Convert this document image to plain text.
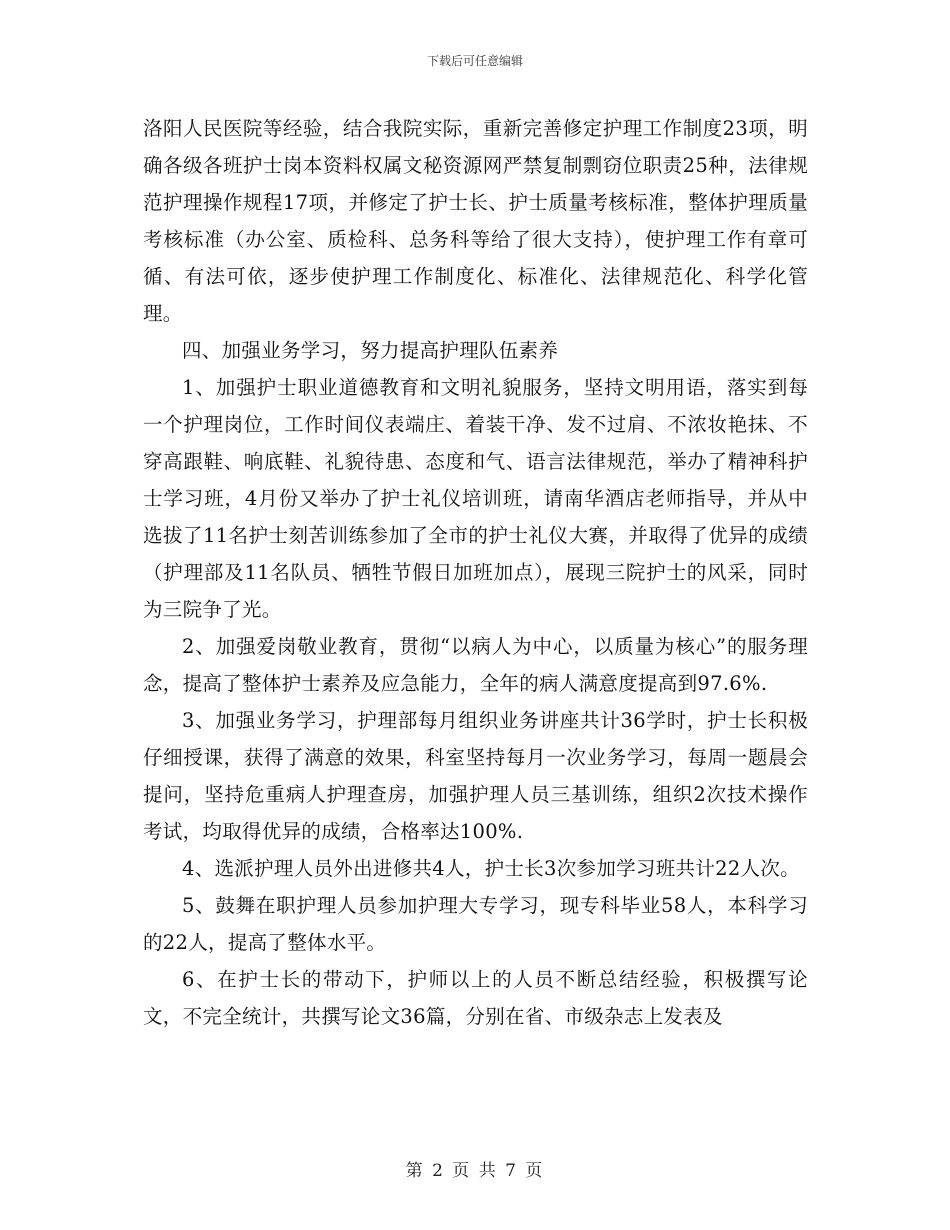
下载后可任意编辑

洛阳人民医院等经验，结合我院实际，重新完善修定护理工作制度23项，明确各级各班护士岗本资料权属文秘资源网严禁复制剽窃位职责25种，法律规范护理操作规程17项，并修定了护士长、护士质量考核标准，整体护理质量考核标准（办公室、质检科、总务科等给了很大支持），使护理工作有章可循、有法可依，逐步使护理工作制度化、标准化、法律规范化、科学化管理。

四、加强业务学习，努力提高护理队伍素养

1、加强护士职业道德教育和文明礼貌服务，坚持文明用语，落实到每一个护理岗位，工作时间仪表端庄、着装干净、发不过肩、不浓妆艳抹、不穿高跟鞋、响底鞋、礼貌待患、态度和气、语言法律规范，举办了精神科护士学习班，4月份又举办了护士礼仪培训班，请南华酒店老师指导，并从中选拔了11名护士刻苦训练参加了全市的护士礼仪大赛，并取得了优异的成绩（护理部及11名队员、牺牲节假日加班加点），展现三院护士的风采，同时为三院争了光。

2、加强爱岗敬业教育，贯彻“以病人为中心，以质量为核心”的服务理念，提高了整体护士素养及应急能力，全年的病人满意度提高到97.6%.

3、加强业务学习，护理部每月组织业务讲座共计36学时，护士长积极仔细授课，获得了满意的效果，科室坚持每月一次业务学习，每周一题晨会提问，坚持危重病人护理查房，加强护理人员三基训练，组织2次技术操作考试，均取得优异的成绩，合格率达100%.

4、选派护理人员外出进修共4人，护士长3次参加学习班共计22人次。

5、鼓舞在职护理人员参加护理大专学习，现专科毕业58人，本科学习的22人，提高了整体水平。

6、在护士长的带动下，护师以上的人员不断总结经验，积极撰写论文，不完全统计，共撰写论文36篇，分别在省、市级杂志上发表及

第 2 页 共 7 页
